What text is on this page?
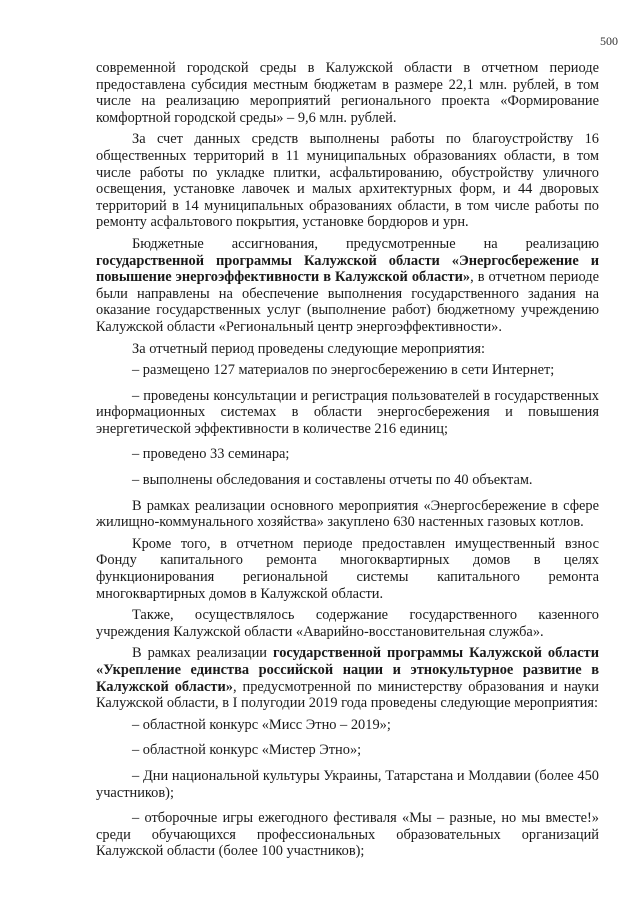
500

современной городской среды в Калужской области в отчетном периоде предоставлена субсидия местным бюджетам в размере 22,1 млн. рублей, в том числе на реализацию мероприятий регионального проекта «Формирование комфортной городской среды» – 9,6 млн. рублей.

За счет данных средств выполнены работы по благоустройству 16 общественных территорий в 11 муниципальных образованиях области, в том числе работы по укладке плитки, асфальтированию, обустройству уличного освещения, установке лавочек и малых архитектурных форм, и 44 дворовых территорий в 14 муниципальных образованиях области, в том числе работы по ремонту асфальтового покрытия, установке бордюров и урн.

Бюджетные ассигнования, предусмотренные на реализацию государственной программы Калужской области «Энергосбережение и повышение энергоэффективности в Калужской области», в отчетном периоде были направлены на обеспечение выполнения государственного задания на оказание государственных услуг (выполнение работ) бюджетному учреждению Калужской области «Региональный центр энергоэффективности».

За отчетный период проведены следующие мероприятия:

– размещено 127 материалов по энергосбережению в сети Интернет;

– проведены консультации и регистрация пользователей в государственных информационных системах в области энергосбережения и повышения энергетической эффективности в количестве 216 единиц;

– проведено 33 семинара;

– выполнены обследования и составлены отчеты по 40 объектам.

В рамках реализации основного мероприятия «Энергосбережение в сфере жилищно-коммунального хозяйства» закуплено 630 настенных газовых котлов.

Кроме того, в отчетном периоде предоставлен имущественный взнос Фонду капитального ремонта многоквартирных домов в целях функционирования региональной системы капитального ремонта многоквартирных домов в Калужской области.

Также, осуществлялось содержание государственного казенного учреждения Калужской области «Аварийно-восстановительная служба».

В рамках реализации государственной программы Калужской области «Укрепление единства российской нации и этнокультурное развитие в Калужской области», предусмотренной по министерству образования и науки Калужской области, в I полугодии 2019 года проведены следующие мероприятия:

– областной конкурс «Мисс Этно – 2019»;

– областной конкурс «Мистер Этно»;

– Дни национальной культуры Украины, Татарстана и Молдавии (более 450 участников);

– отборочные игры ежегодного фестиваля «Мы – разные, но мы вместе!» среди обучающихся профессиональных образовательных организаций Калужской области (более 100 участников);
